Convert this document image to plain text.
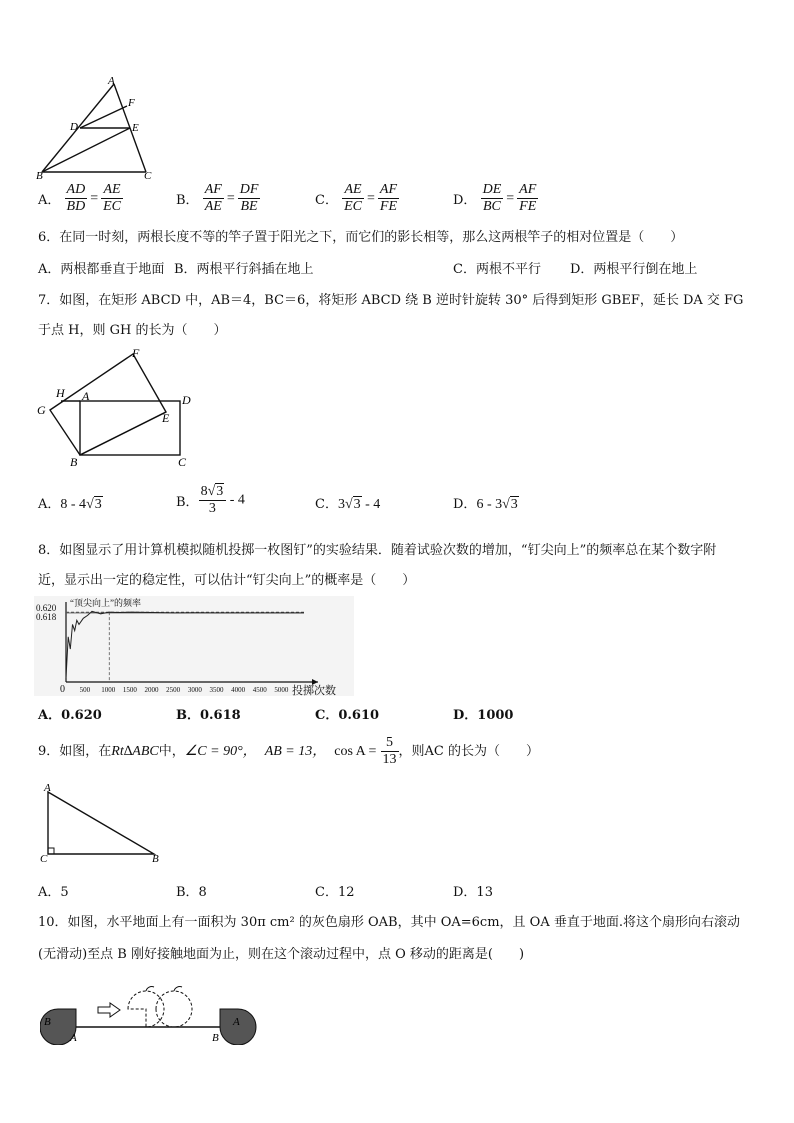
A
F
D	E
B	C
A． $\frac{AD}{BD} = \frac{AE}{EC}$	B． $\frac{AF}{AE} = \frac{DF}{BE}$	C． $\frac{AE}{EC} = \frac{AF}{FE}$	D． $\frac{DE}{BC} = \frac{AF}{FE}$
6．在同一时刻，两根长度不等的竿子置于阳光之下，而它们的影长相等，那么这两根竿子的相对位置是（　　）
A．两根都垂直于地面 B．两根平行斜插在地上	C．两根不平行 D．两根平行倒在地上
7．如图，在矩形 ABCD 中，AB＝4，BC＝6，将矩形 ABCD 绕 B 逆时针旋转 30° 后得到矩形 GBEF，延长 DA 交 FG
于点 H，则 GH 的长为（　　）
F
H A	D
G
E
B	C
A．8 - 4√3	B． $\frac{8√3}{3} - 4$	C．3√3 - 4	D．6 - 3√3
8．如图显示了用计算机模拟随机投掷一枚图钉”的实验结果．随着试验次数的增加，“钉尖向上”的频率总在某个数字附
近，显示出一定的稳定性，可以估计“钉尖向上”的概率是（　　）
0.618
0.620
0 500 1000 1500 2000 2500 3000 3500 4000 4500 5000
“顶尖向上”的频率
投掷次数
A．0.620	B．0.618	C．0.610	D．1000
9．如图，在Rt∆ABC中，∠C = 90°， AB = 13， $\cos A = \frac{5}{13}$ ，则AC 的长为（　　）
A
C	B
A．5	B．8	C．12	D．13
10．如图，水平地面上有一面积为 30π cm² 的灰色扇形 OAB，其中 OA=6cm，且 OA 垂直于地面.将这个扇形向右滚动
(无滑动)至点 B 刚好接触地面为止，则在这个滚动过程中，点 O 移动的距离是(　　)
O
B
A
O
A
B
